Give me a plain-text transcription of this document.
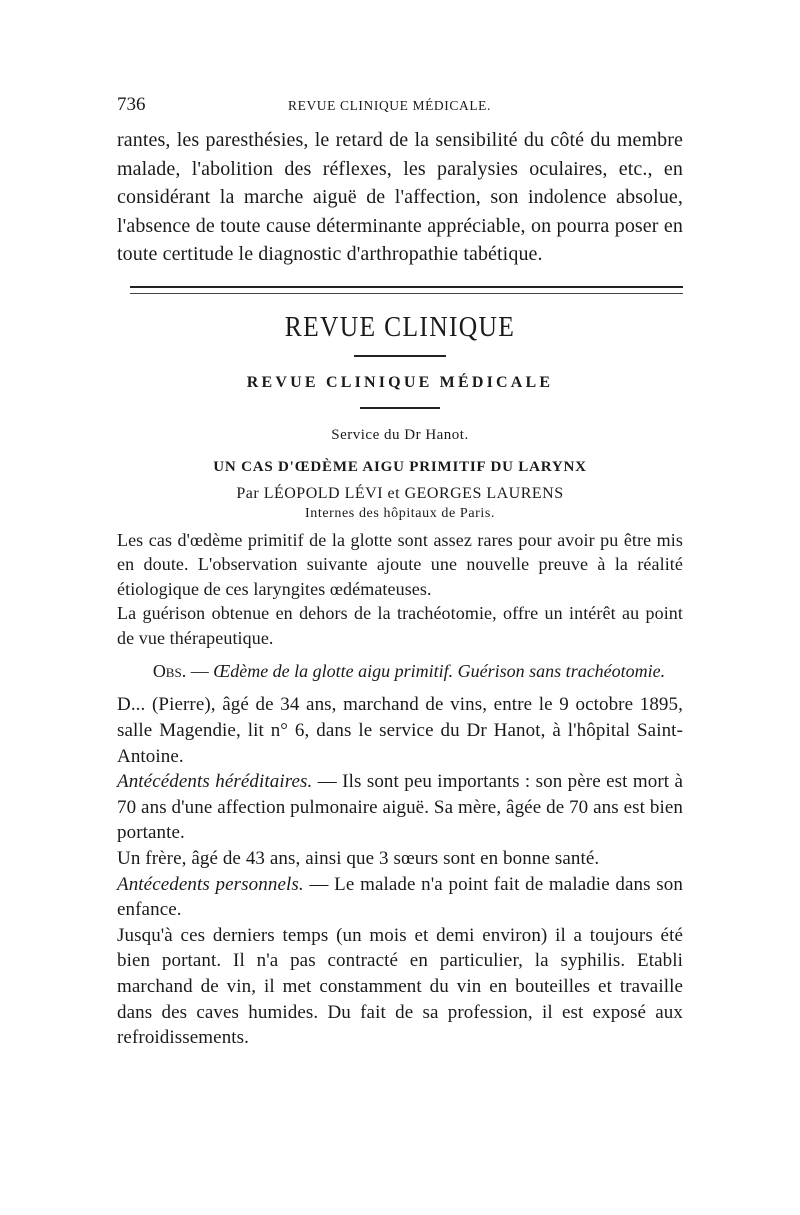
736	REVUE CLINIQUE MÉDICALE.

rantes, les paresthésies, le retard de la sensibilité du côté du membre malade, l'abolition des réflexes, les paralysies oculaires, etc., en considérant la marche aiguë de l'affection, son indolence absolue, l'absence de toute cause déterminante appréciable, on pourra poser en toute certitude le diagnostic d'arthropathie tabétique.

REVUE CLINIQUE
REVUE CLINIQUE MÉDICALE
Service du Dr Hanot.
UN CAS D'ŒDÈME AIGU PRIMITIF DU LARYNX
Par LÉOPOLD LÉVI et GEORGES LAURENS
Internes des hôpitaux de Paris.

Les cas d'œdème primitif de la glotte sont assez rares pour avoir pu être mis en doute. L'observation suivante ajoute une nouvelle preuve à la réalité étiologique de ces laryngites œdémateuses.

La guérison obtenue en dehors de la trachéotomie, offre un intérêt au point de vue thérapeutique.

Obs. — Œdème de la glotte aigu primitif. Guérison sans trachéotomie.

D... (Pierre), âgé de 34 ans, marchand de vins, entre le 9 octobre 1895, salle Magendie, lit n° 6, dans le service du Dr Hanot, à l'hôpital Saint-Antoine.

Antécédents héréditaires. — Ils sont peu importants : son père est mort à 70 ans d'une affection pulmonaire aiguë. Sa mère, âgée de 70 ans est bien portante.

Un frère, âgé de 43 ans, ainsi que 3 sœurs sont en bonne santé.

Antécedents personnels. — Le malade n'a point fait de maladie dans son enfance.

Jusqu'à ces derniers temps (un mois et demi environ) il a toujours été bien portant. Il n'a pas contracté en particulier, la syphilis. Etabli marchand de vin, il met constamment du vin en bouteilles et travaille dans des caves humides. Du fait de sa profession, il est exposé aux refroidissements.
